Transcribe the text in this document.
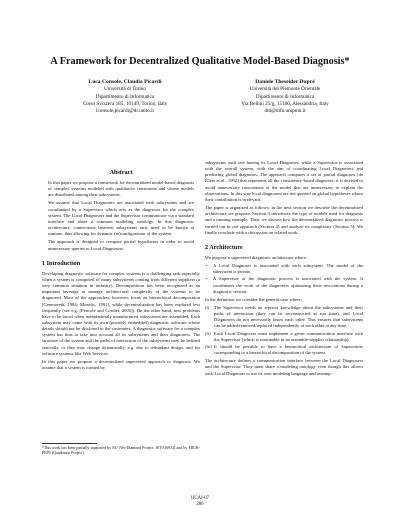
A Framework for Decentralized Qualitative Model-Based Diagnosis*
Luca Console, Claudia Picardi
Università di Torino
Dipartimento di Informatica
Corso Svizzera 185, 10149, Torino, Italy
lconsole,picardi@di.unito.it
Daniele Theseider Dupré
Università del Piemonte Orientale
Dipartimento di Informatica
Via Bellini 25/g, 15100, Alessandria, Italy
dtd@mfn.unipmn.it
Abstract

In this paper we propose a framework for decentralized model-based diagnosis of complex systems modeled with qualitative constraints and whose models are distributed among their subsystems.

We assume that Local Diagnosers are associated with subsystems and are coordinated by a Supervisor which acts as the diagnoser for the complex system. The Local Diagnosers and the Supervisor communicate via a standard interface and share a common modeling ontology. In this diagnostic architecture, connections between subsystems only need to be known at runtime, thus allowing for dynamic (re)configuration of the system.

The approach is designed to compute partial hypotheses in order to avoid unnecessary queries to Local Diagnosers.

1 Introduction

Developing diagnostic software for complex systems is a challenging task especially when a system is composed of many subsystems coming from different suppliers (a very common situation in industry). Decomposition has been recognized as an important leverage to manage architectural complexity of the systems to be diagnosed. Most of the approaches, however, focus on hierarchical decomposition [Genesereth, 1984; Mozetic, 1991], while decentralization has been explored less frequently (see e.g. [Pencolé and Cordier, 2005]). On the other hand, new problems have to be faced when independently manufactured subsystems are assembled. Each subsystem may come with its own (possibly embedded) diagnostic software whose details should not be disclosed to the customers. A diagnostic software for a complex system has thus to take into account all its subsystems and their diagnosers. The structure of the system and the paths of interaction of the subsystems may be defined statically, or they may change dynamically, e.g. due to redundant design, and for software systems like Web Services.

In this paper we propose a decentralized supervised approach to diagnosis. We assume that a system is formed by

*This work has been partially supported by EU (Ws-Diamond Project, IST-516933) and by MIUR-PRIN (Quadrantis Project).

subsystems each one having its Local Diagnoser, while a Supervisor is associated with the overall system, with the aim of coordinating Local Diagnosers and producing global diagnoses. The approach computes a set of partial diagnoses [de Kleer et al., 1992] that represents all the consistency-based diagnoses; it is devised to avoid unnecessary invocations of the model that are unnecessary to explain the observations. In this way local diagnosers are not queried on global hypotheses where their contribution is irrelevant.

The paper is organized as follows: in the next section we describe the decentralized architecture we propose. Section 3 introduces the type of models used for diagnosis and a running example. Then, we discuss how the decentralized diagnostic process is carried out in our approach (Section 4) and analyze its complexity (Section 5). We finally conclude with a discussion on related work.

2 Architecture

We propose a supervised diagnostic architecture where:

• A Local Diagnoser is associated with each subsystem. The model of the subsystem is private.
• A Supervisor of the diagnostic process is associated with the system. It coordinates the work of the diagnosers optimizing their invocations during a diagnostic session.

In the definition we consider the general case where:

(i)	The Supervisor needs no a-priori knowledge about the subsystems and their paths of interaction (they can be reconstructed at run time), and Local Diagnosers do not necessarily know each other. This ensures that subsystems can be added/removed/replaced independently of each other at any time.
(ii) Each Local Diagnoser must implement a given communication interface with the Supervisor (which is reasonable in an assemble-supplier relationship).
(iii) It should be possible to have a hierarchical architecture of Supervisors corresponding to a hierarchical decomposition of the system.

The architecture defines a communication interface between the Local Diagnosers and the Supervisor. They must share a modeling ontology even though this allows each Local Diagnoser to use its own modeling language and assump-

IJCAI-07
286
